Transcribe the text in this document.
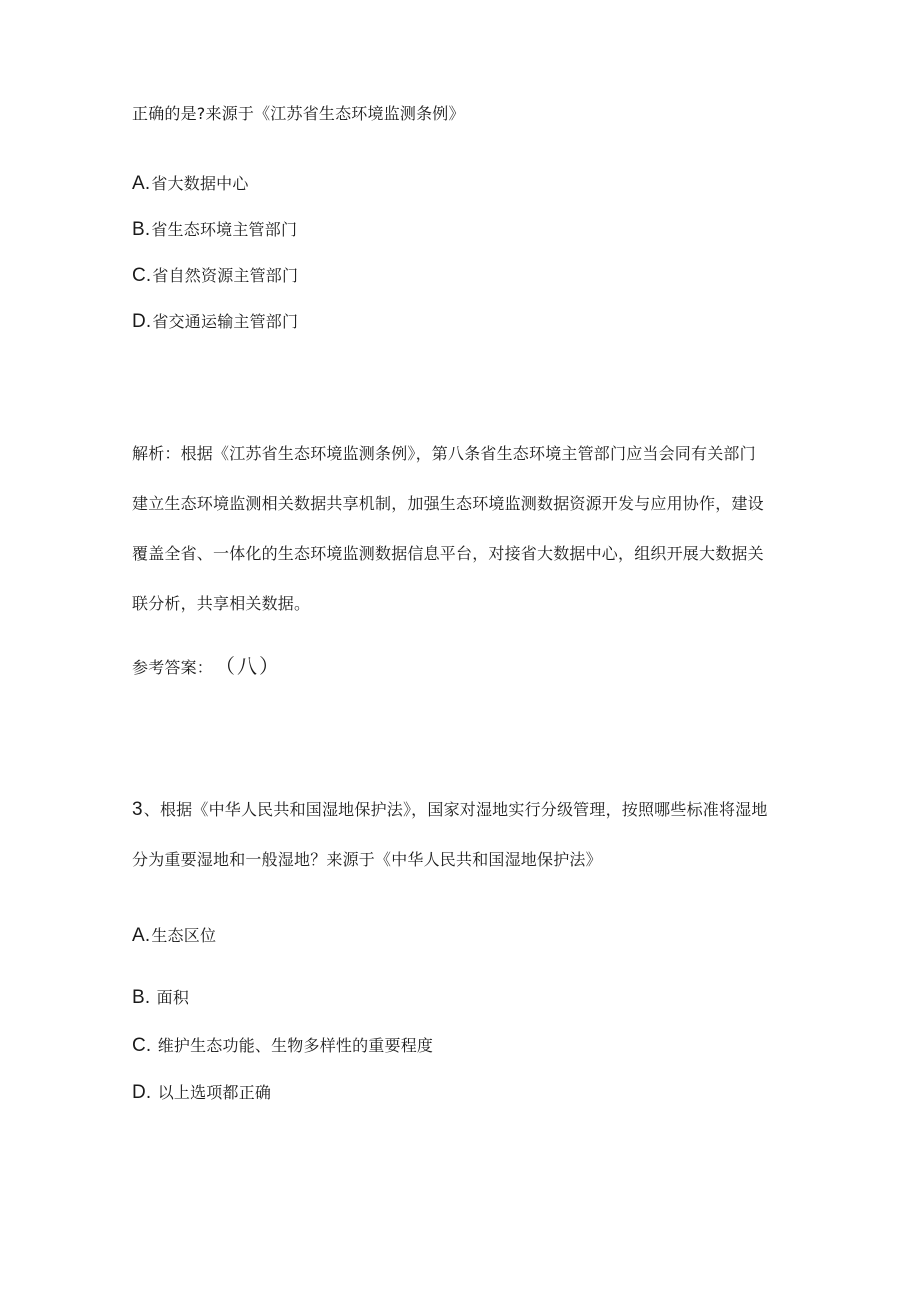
正确的是?来源于《江苏省生态环境监测条例》
A.省大数据中心
B.省生态环境主管部门
C.省自然资源主管部门
D.省交通运输主管部门
解析：根据《江苏省生态环境监测条例》，第八条省生态环境主管部门应当会同有关部门
建立生态环境监测相关数据共享机制，加强生态环境监测数据资源开发与应用协作，建设
覆盖全省、一体化的生态环境监测数据信息平台，对接省大数据中心，组织开展大数据关
联分析，共享相关数据。
参考答案： （八）
3、根据《中华人民共和国湿地保护法》，国家对湿地实行分级管理，按照哪些标准将湿地
分为重要湿地和一般湿地？来源于《中华人民共和国湿地保护法》
A.生态区位
B. 面积
C. 维护生态功能、生物多样性的重要程度
D. 以上选项都正确
